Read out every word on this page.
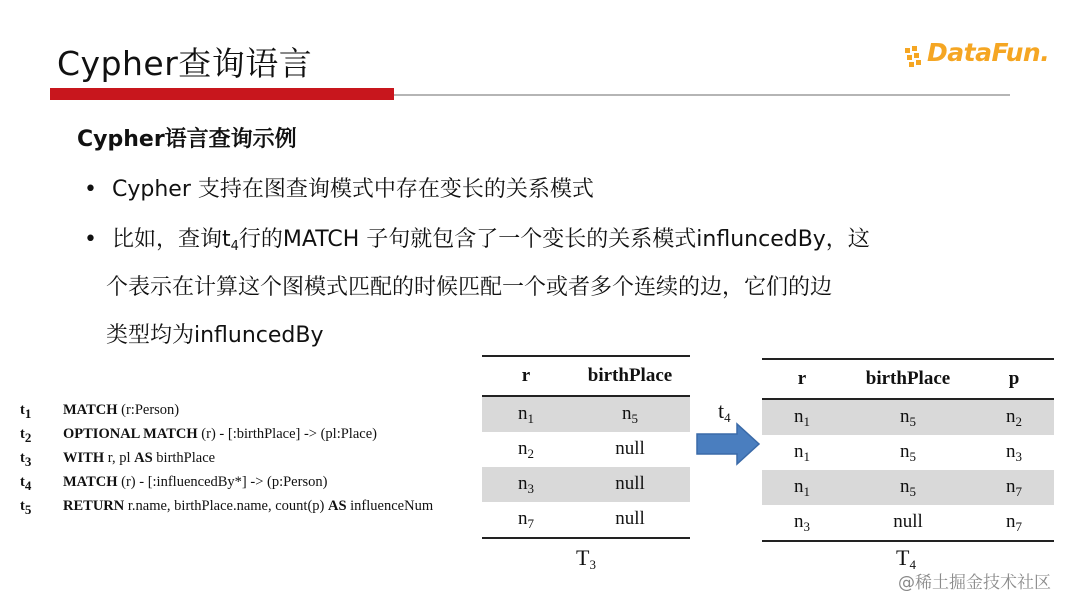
Cypher查询语言	DataFun.
Cypher语言查询示例
• Cypher 支持在图查询模式中存在变长的关系模式
• 比如，查询$t_4$行的MATCH 子句就包含了一个变长的关系模式influncedBy，这
个表示在计算这个图模式匹配的时候匹配一个或者多个连续的边，它们的边
类型均为influncedBy
$t_1$	MATCH (r:Person)
$t_2$	OPTIONAL MATCH (r) - [:birthPlace] -> (pl:Place)
$t_3$	WITH r, pl AS birthPlace
$t_4$	MATCH (r) - [:influencedBy*] -> (p:Person)
$t_5$	RETURN r.name, birthPlace.name, count(p) AS influenceNum
r	birthPlace
$n_1$	$n_5$
$n_2$	null
$n_3$	null
$n_7$	null
$T_3$
$t_4$
r	birthPlace	p
$n_1$	$n_5$	$n_2$
$n_1$	$n_5$	$n_3$
$n_1$	$n_5$	$n_7$
$n_3$	null	$n_7$
$T_4$
@稀土掘金技术社区
